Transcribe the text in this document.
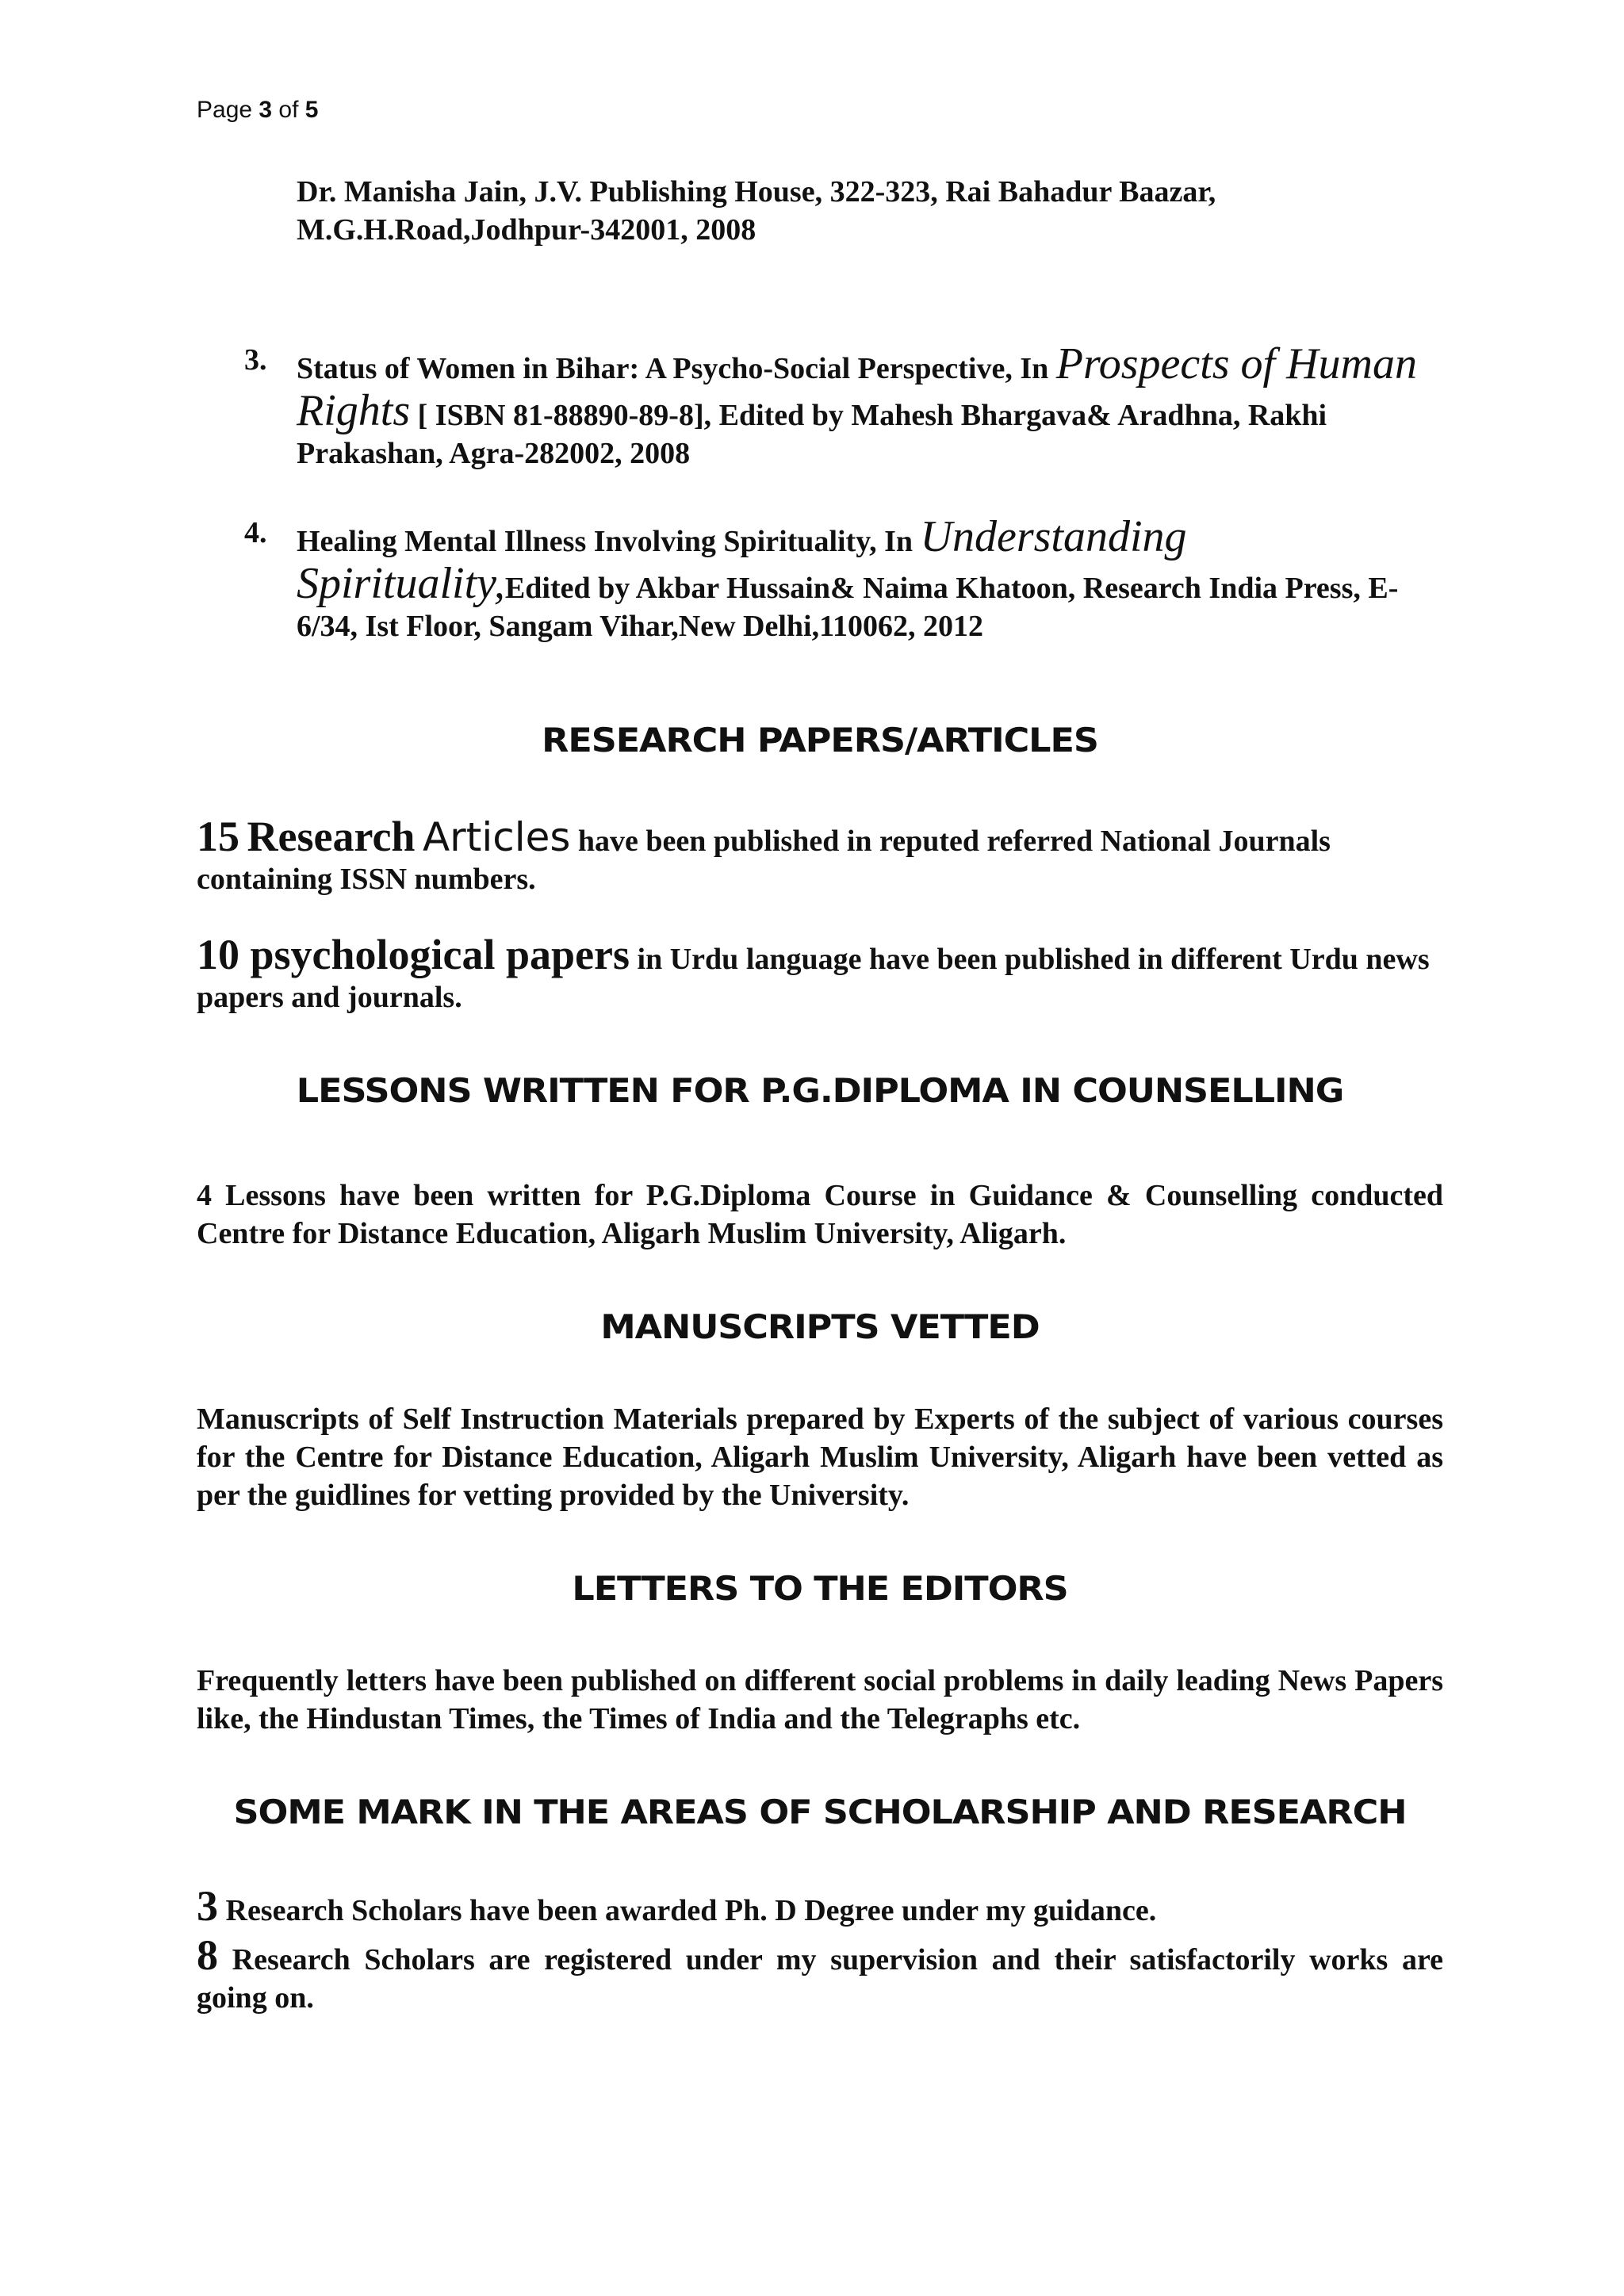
Page 3 of 5
Dr. Manisha Jain, J.V. Publishing House, 322-323, Rai Bahadur Baazar, M.G.H.Road,Jodhpur-342001, 2008
3. Status of Women in Bihar: A Psycho-Social Perspective, In Prospects of Human Rights [ ISBN 81-88890-89-8], Edited by Mahesh Bhargava& Aradhna, Rakhi Prakashan, Agra-282002, 2008
4. Healing Mental Illness Involving Spirituality, In Understanding Spirituality,Edited by Akbar Hussain& Naima Khatoon, Research India Press, E-6/34, Ist Floor, Sangam Vihar,New Delhi,110062, 2012
RESEARCH PAPERS/ARTICLES

15 Research Articles have been published in reputed referred National Journals containing ISSN numbers.

10 psychological papers in Urdu language have been published in different Urdu news papers and journals.

LESSONS WRITTEN FOR P.G.DIPLOMA IN COUNSELLING

4 Lessons have been written for P.G.Diploma Course in Guidance & Counselling conducted Centre for Distance Education, Aligarh Muslim University, Aligarh.

MANUSCRIPTS VETTED

Manuscripts of Self Instruction Materials prepared by Experts of the subject of various courses for the Centre for Distance Education, Aligarh Muslim University, Aligarh have been vetted as per the guidlines for vetting provided by the University.

LETTERS TO THE EDITORS

Frequently letters have been published on different social problems in daily leading News Papers like, the Hindustan Times, the Times of India and the Telegraphs etc.

SOME MARK IN THE AREAS OF SCHOLARSHIP AND RESEARCH

3 Research Scholars have been awarded Ph. D Degree under my guidance.

8 Research Scholars are registered under my supervision and their satisfactorily works are going on.
